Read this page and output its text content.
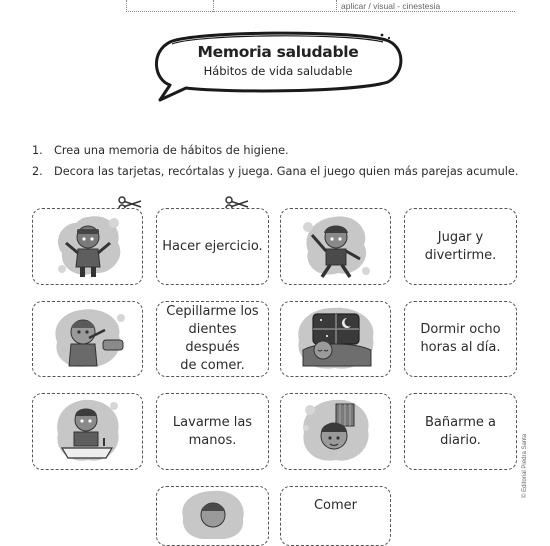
aplicar / visual - cinestesia
Memoria saludable
Hábitos de vida saludable
1. Crea una memoria de hábitos de higiene.
2. Decora las tarjetas, recórtalas y juega. Gana el juego quien más parejas acumule.
Hacer ejercicio.
Jugar y
divertirme.
Cepillarme los
dientes después
de comer.
Dormir ocho
horas al día.
Lavarme las
manos.
Bañarme a
diario.
Comer
© Editorial Piedra Santa
